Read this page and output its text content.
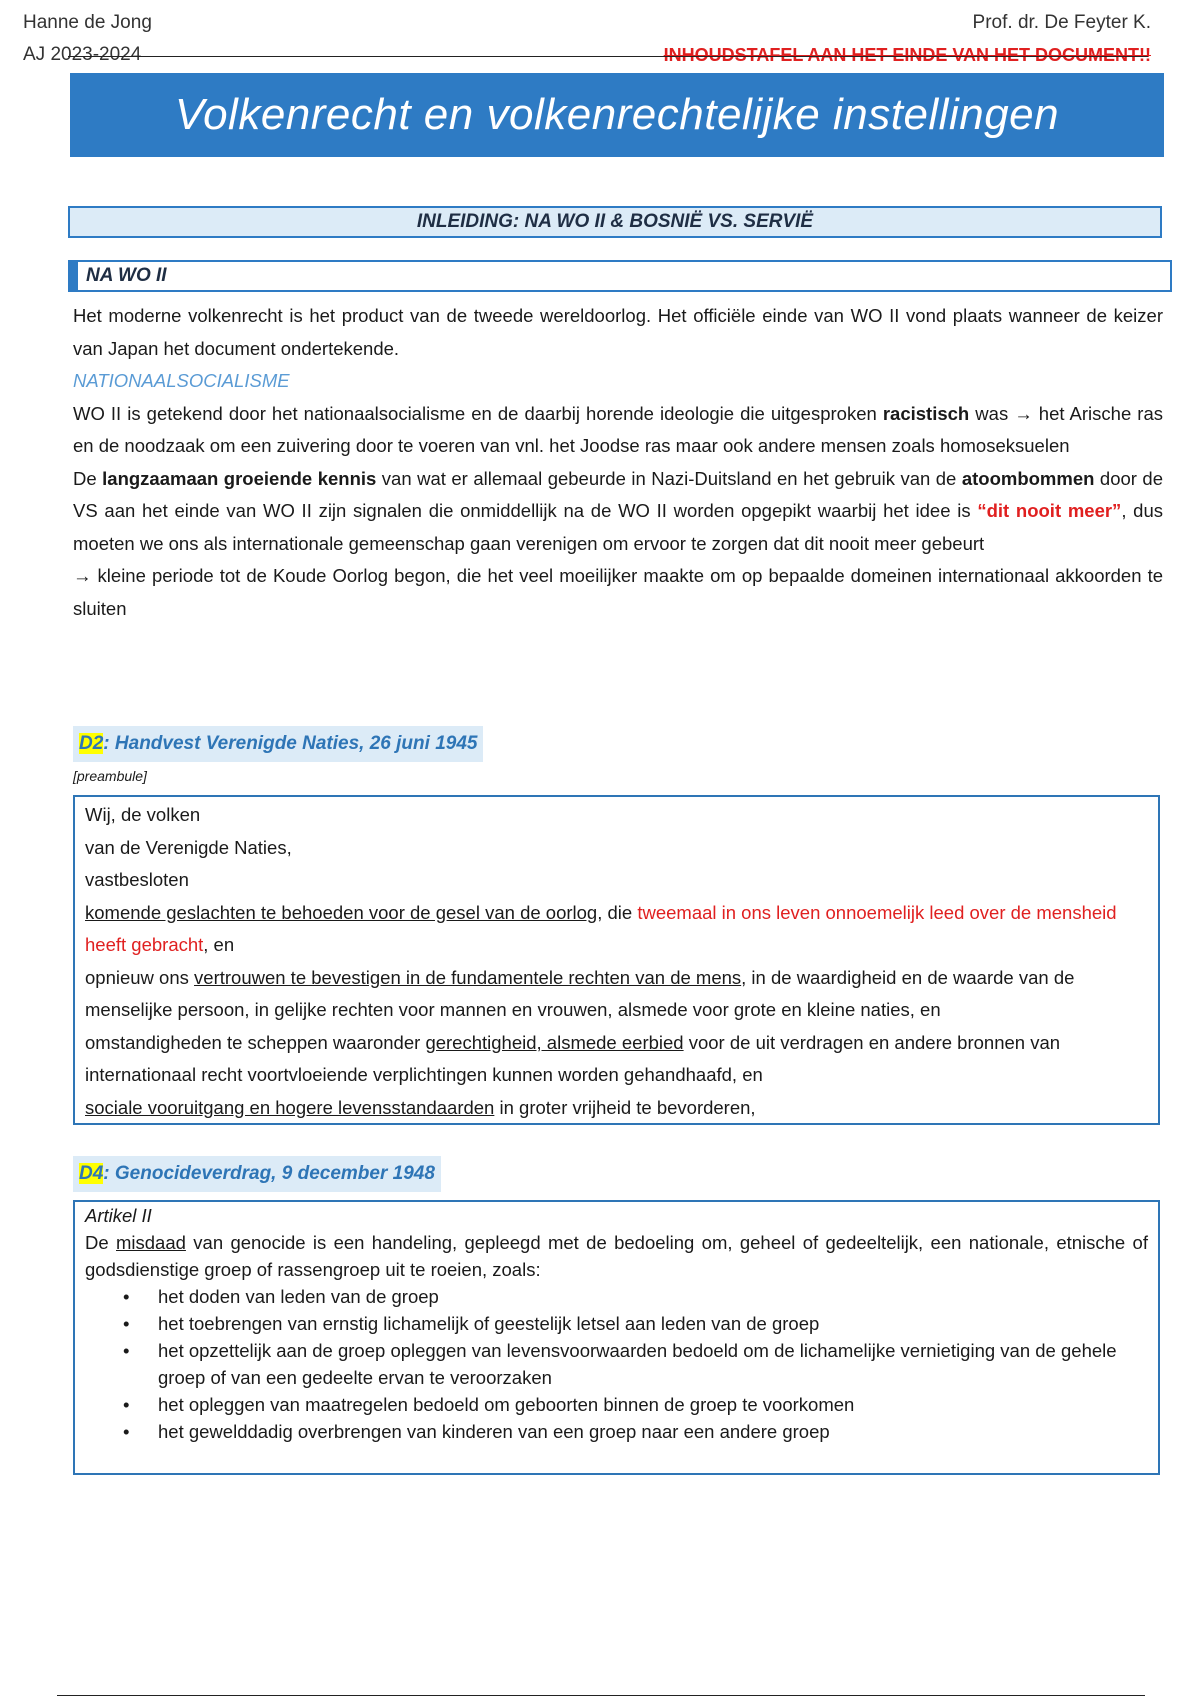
Hanne de Jong
AJ 2023-2024
Prof. dr. De Feyter K.
INHOUDSTAFEL AAN HET EINDE VAN HET DOCUMENT!!
Volkenrecht en volkenrechtelijke instellingen
INLEIDING: NA WO II & BOSNIË VS. SERVIË
NA WO II

Het moderne volkenrecht is het product van de tweede wereldoorlog. Het officiële einde van WO II vond plaats wanneer de keizer van Japan het document ondertekende.

NATIONAALSOCIALISME

WO II is getekend door het nationaalsocialisme en de daarbij horende ideologie die uitgesproken racistisch was → het Arische ras en de noodzaak om een zuivering door te voeren van vnl. het Joodse ras maar ook andere mensen zoals homoseksuelen

De langzaamaan groeiende kennis van wat er allemaal gebeurde in Nazi-Duitsland en het gebruik van de atoombommen door de VS aan het einde van WO II zijn signalen die onmiddellijk na de WO II worden opgepikt waarbij het idee is “dit nooit meer”, dus moeten we ons als internationale gemeenschap gaan verenigen om ervoor te zorgen dat dit nooit meer gebeurt

→ kleine periode tot de Koude Oorlog begon, die het veel moeilijker maakte om op bepaalde domeinen internationaal akkoorden te sluiten

D2: Handvest Verenigde Naties, 26 juni 1945
[preambule]

Wij, de volken

van de Verenigde Naties,

vastbesloten

komende geslachten te behoeden voor de gesel van de oorlog, die tweemaal in ons leven onnoemelijk leed over de mensheid heeft gebracht, en

opnieuw ons vertrouwen te bevestigen in de fundamentele rechten van de mens, in de waardigheid en de waarde van de menselijke persoon, in gelijke rechten voor mannen en vrouwen, alsmede voor grote en kleine naties, en

omstandigheden te scheppen waaronder gerechtigheid, alsmede eerbied voor de uit verdragen en andere bronnen van internationaal recht voortvloeiende verplichtingen kunnen worden gehandhaafd, en

sociale vooruitgang en hogere levensstandaarden in groter vrijheid te bevorderen,

D4: Genocideverdrag, 9 december 1948

Artikel II

De misdaad van genocide is een handeling, gepleegd met de bedoeling om, geheel of gedeeltelijk, een nationale, etnische of godsdienstige groep of rassengroep uit te roeien, zoals:

• het doden van leden van de groep
• het toebrengen van ernstig lichamelijk of geestelijk letsel aan leden van de groep
• het opzettelijk aan de groep opleggen van levensvoorwaarden bedoeld om de lichamelijke vernietiging van de gehele groep of van een gedeelte ervan te veroorzaken
• het opleggen van maatregelen bedoeld om geboorten binnen de groep te voorkomen
• het gewelddadig overbrengen van kinderen van een groep naar een andere groep
